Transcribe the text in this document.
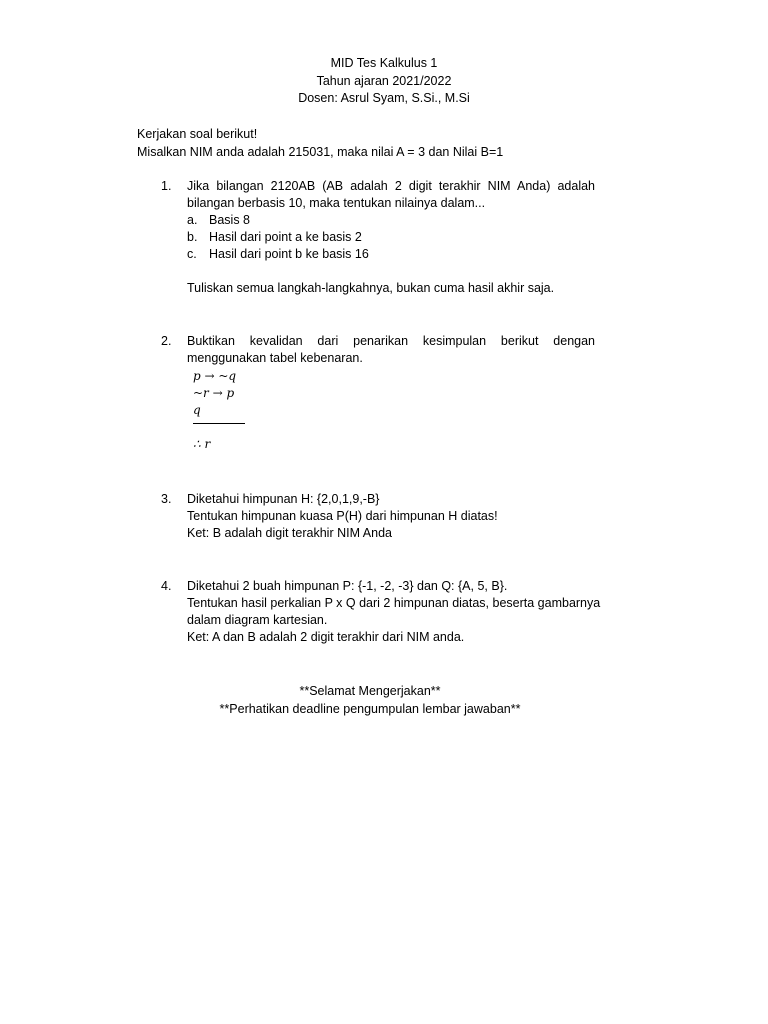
MID Tes Kalkulus 1
Tahun ajaran 2021/2022
Dosen: Asrul Syam, S.Si., M.Si
Kerjakan soal berikut!
Misalkan NIM anda adalah 215031, maka nilai A = 3 dan Nilai B=1
1. Jika bilangan 2120AB (AB adalah 2 digit terakhir NIM Anda) adalah
bilangan berbasis 10, maka tentukan nilainya dalam...
a. Basis 8
b. Hasil dari point a ke basis 2
c. Hasil dari point b ke basis 16
Tuliskan semua langkah-langkahnya, bukan cuma hasil akhir saja.
2. Buktikan kevalidan dari penarikan kesimpulan berikut dengan
menggunakan tabel kebenaran.
p → ~q
~r → p
q
∴ r
3. Diketahui himpunan H: {2,0,1,9,-B}
Tentukan himpunan kuasa P(H) dari himpunan H diatas!
Ket: B adalah digit terakhir NIM Anda
4. Diketahui 2 buah himpunan P: {-1, -2, -3} dan Q: {A, 5, B}.
Tentukan hasil perkalian P x Q dari 2 himpunan diatas, beserta gambarnya
dalam diagram kartesian.
Ket: A dan B adalah 2 digit terakhir dari NIM anda.
**Selamat Mengerjakan**
**Perhatikan deadline pengumpulan lembar jawaban**
